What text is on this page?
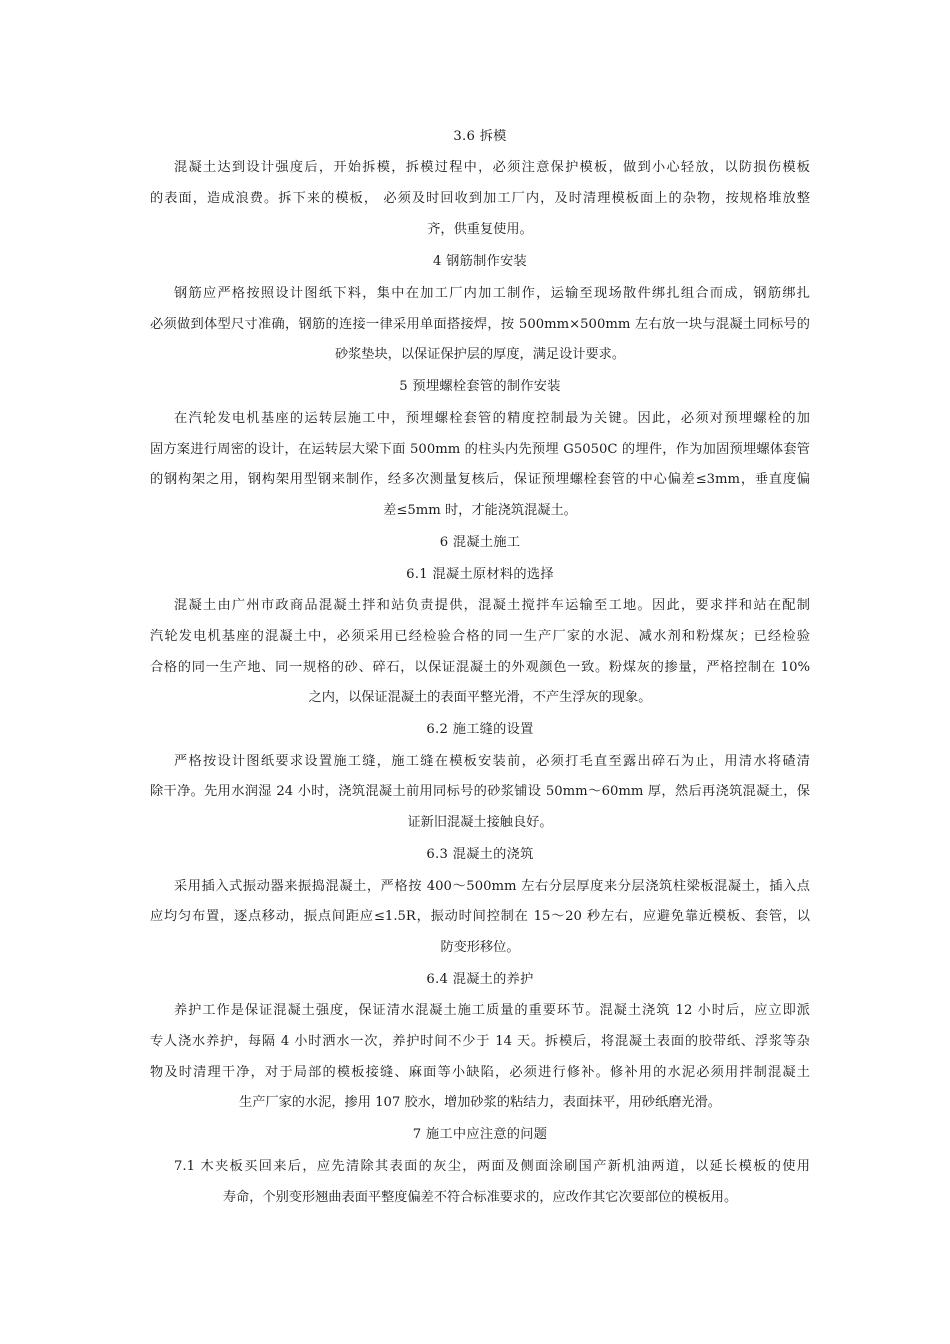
3.6 拆模
混凝土达到设计强度后，开始拆模，拆模过程中，必须注意保护模板，做到小心轻放，以防损伤模板
的表面，造成浪费。拆下来的模板， 必须及时回收到加工厂内，及时清理模板面上的杂物，按规格堆放整
齐，供重复使用。
4 钢筋制作安装
钢筋应严格按照设计图纸下料，集中在加工厂内加工制作，运输至现场散件绑扎组合而成，钢筋绑扎
必须做到体型尺寸准确，钢筋的连接一律采用单面搭接焊，按 500mm×500mm 左右放一块与混凝土同标号的
砂浆垫块，以保证保护层的厚度，满足设计要求。
5 预埋螺栓套管的制作安装
在汽轮发电机基座的运转层施工中，预埋螺栓套管的精度控制最为关键。因此，必须对预埋螺栓的加
固方案进行周密的设计，在运转层大梁下面 500mm 的柱头内先预埋 G5050C 的埋件，作为加固预埋螺体套管
的钢构架之用，钢构架用型钢来制作，经多次测量复核后，保证预埋螺栓套管的中心偏差≤3mm，垂直度偏
差≤5mm 时，才能浇筑混凝土。
6 混凝土施工
6.1 混凝土原材料的选择
混凝土由广州市政商品混凝土拌和站负责提供，混凝土搅拌车运输至工地。因此，要求拌和站在配制
汽轮发电机基座的混凝土中，必须采用已经检验合格的同一生产厂家的水泥、减水剂和粉煤灰；已经检验
合格的同一生产地、同一规格的砂、碎石，以保证混凝土的外观颜色一致。粉煤灰的掺量，严格控制在 10%
之内，以保证混凝土的表面平整光滑，不产生浮灰的现象。
6.2 施工缝的设置
严格按设计图纸要求设置施工缝，施工缝在模板安装前，必须打毛直至露出碎石为止，用清水将碴清
除干净。先用水润湿 24 小时，浇筑混凝土前用同标号的砂浆铺设 50mm～60mm 厚，然后再浇筑混凝土，保
证新旧混凝土接触良好。
6.3 混凝土的浇筑
采用插入式振动器来振捣混凝土，严格按 400～500mm 左右分层厚度来分层浇筑柱梁板混凝土，插入点
应均匀布置，逐点移动，振点间距应≤1.5R，振动时间控制在 15～20 秒左右，应避免靠近模板、套管，以
防变形移位。
6.4 混凝土的养护
养护工作是保证混凝土强度，保证清水混凝土施工质量的重要环节。混凝土浇筑 12 小时后，应立即派
专人浇水养护，每隔 4 小时洒水一次，养护时间不少于 14 天。拆模后，将混凝土表面的胶带纸、浮浆等杂
物及时清理干净，对于局部的模板接缝、麻面等小缺陷，必须进行修补。修补用的水泥必须用拌制混凝土
生产厂家的水泥，掺用 107 胶水，增加砂浆的粘结力，表面抹平，用砂纸磨光滑。
7 施工中应注意的问题
7.1 木夹板买回来后，应先清除其表面的灰尘，两面及侧面涂刷国产新机油两道，以延长模板的使用
寿命，个别变形翘曲表面平整度偏差不符合标准要求的，应改作其它次要部位的模板用。
